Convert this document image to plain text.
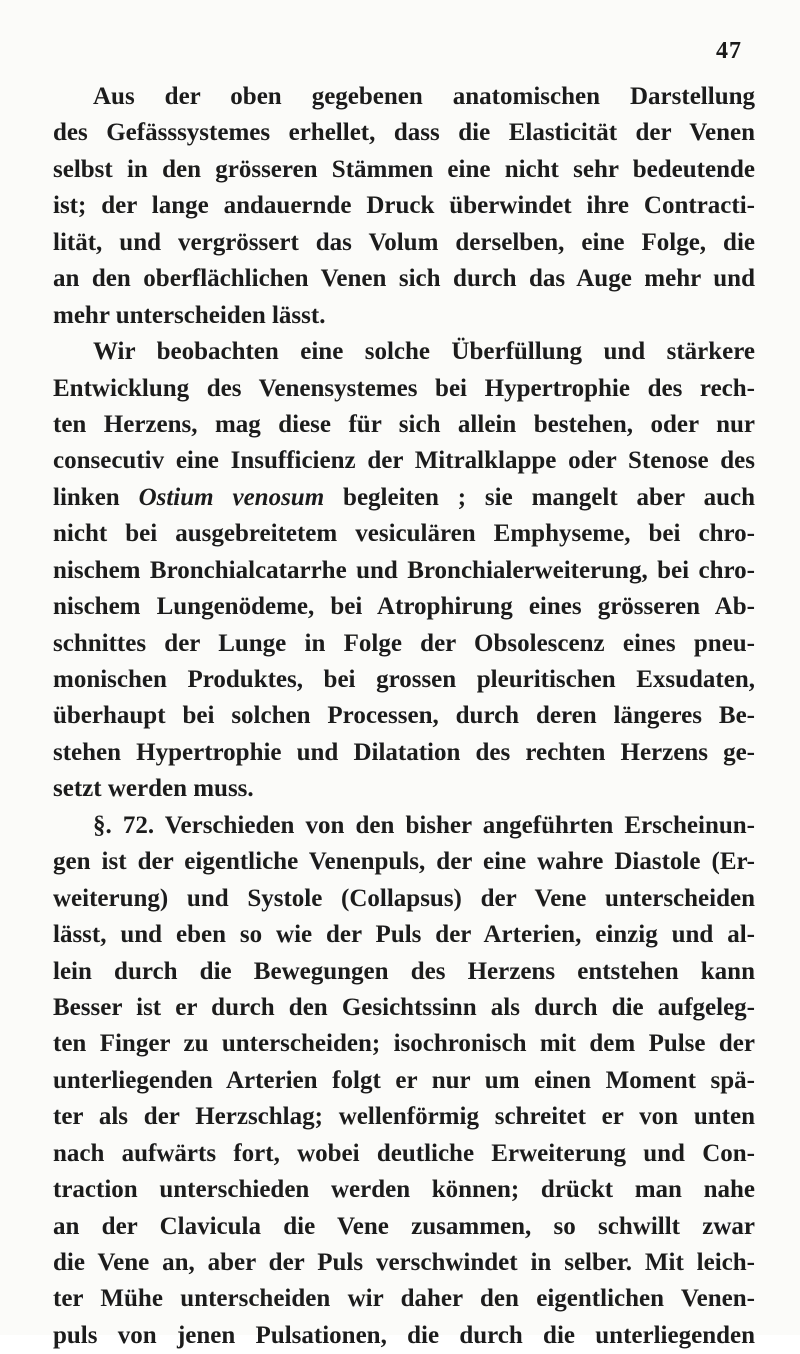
47
Aus der oben gegebenen anatomischen Darstellung
des Gefässsystemes erhellet, dass die Elasticität der Venen
selbst in den grösseren Stämmen eine nicht sehr bedeutende
ist; der lange andauernde Druck überwindet ihre Contracti-
lität, und vergrössert das Volum derselben, eine Folge, die
an den oberflächlichen Venen sich durch das Auge mehr und
mehr unterscheiden lässt.
Wir beobachten eine solche Überfüllung und stärkere
Entwicklung des Venensystemes bei Hypertrophie des rech-
ten Herzens, mag diese für sich allein bestehen, oder nur
consecutiv eine Insufficienz der Mitralklappe oder Stenose des
linken Ostium venosum begleiten ; sie mangelt aber auch
nicht bei ausgebreitetem vesiculären Emphyseme, bei chro-
nischem Bronchialcatarrhe und Bronchialerweiterung, bei chro-
nischem Lungenödeme, bei Atrophirung eines grösseren Ab-
schnittes der Lunge in Folge der Obsolescenz eines pneu-
monischen Produktes, bei grossen pleuritischen Exsudaten,
überhaupt bei solchen Processen, durch deren längeres Be-
stehen Hypertrophie und Dilatation des rechten Herzens ge-
setzt werden muss.
§. 72. Verschieden von den bisher angeführten Erscheinun-
gen ist der eigentliche Venenpuls, der eine wahre Diastole (Er-
weiterung) und Systole (Collapsus) der Vene unterscheiden
lässt, und eben so wie der Puls der Arterien, einzig und al-
lein durch die Bewegungen des Herzens entstehen kann
Besser ist er durch den Gesichtssinn als durch die aufgeleg-
ten Finger zu unterscheiden; isochronisch mit dem Pulse der
unterliegenden Arterien folgt er nur um einen Moment spä-
ter als der Herzschlag; wellenförmig schreitet er von unten
nach aufwärts fort, wobei deutliche Erweiterung und Con-
traction unterschieden werden können; drückt man nahe
an der Clavicula die Vene zusammen, so schwillt zwar
die Vene an, aber der Puls verschwindet in selber. Mit leich-
ter Mühe unterscheiden wir daher den eigentlichen Venen-
puls von jenen Pulsationen, die durch die unterliegenden
